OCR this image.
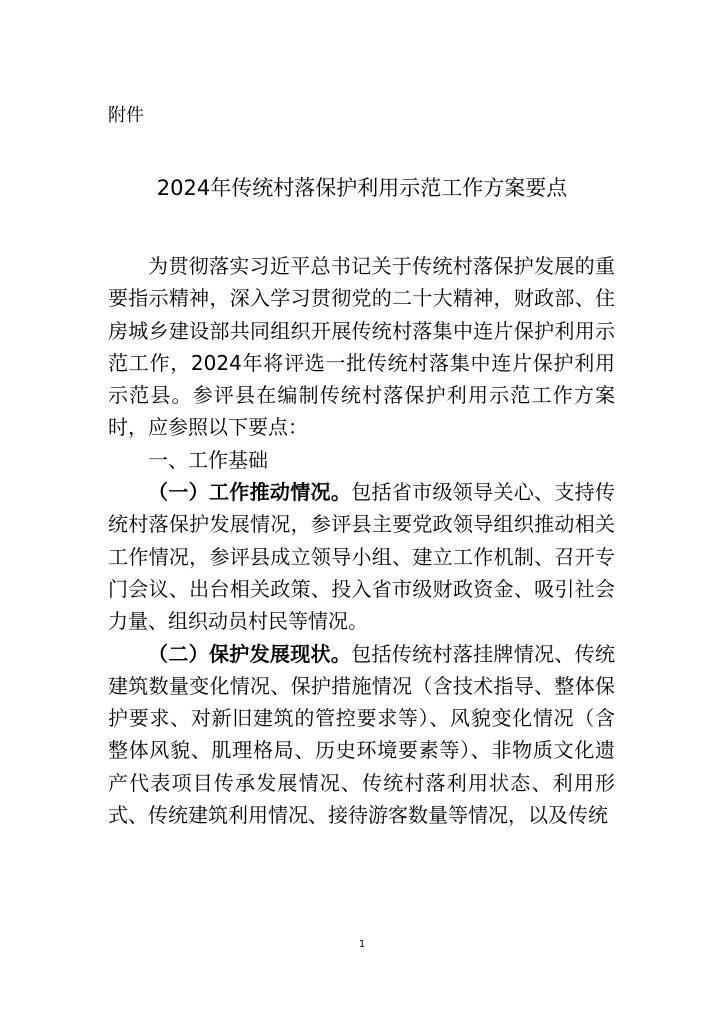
附件

2024年传统村落保护利用示范工作方案要点

为贯彻落实习近平总书记关于传统村落保护发展的重要指示精神，深入学习贯彻党的二十大精神，财政部、住房城乡建设部共同组织开展传统村落集中连片保护利用示范工作，2024年将评选一批传统村落集中连片保护利用示范县。参评县在编制传统村落保护利用示范工作方案时，应参照以下要点：

一、工作基础

（一）工作推动情况。包括省市级领导关心、支持传统村落保护发展情况，参评县主要党政领导组织推动相关工作情况，参评县成立领导小组、建立工作机制、召开专门会议、出台相关政策、投入省市级财政资金、吸引社会力量、组织动员村民等情况。

（二）保护发展现状。包括传统村落挂牌情况、传统建筑数量变化情况、保护措施情况（含技术指导、整体保护要求、对新旧建筑的管控要求等）、风貌变化情况（含整体风貌、肌理格局、历史环境要素等）、非物质文化遗产代表项目传承发展情况、传统村落利用状态、利用形式、传统建筑利用情况、接待游客数量等情况，以及传统

1
